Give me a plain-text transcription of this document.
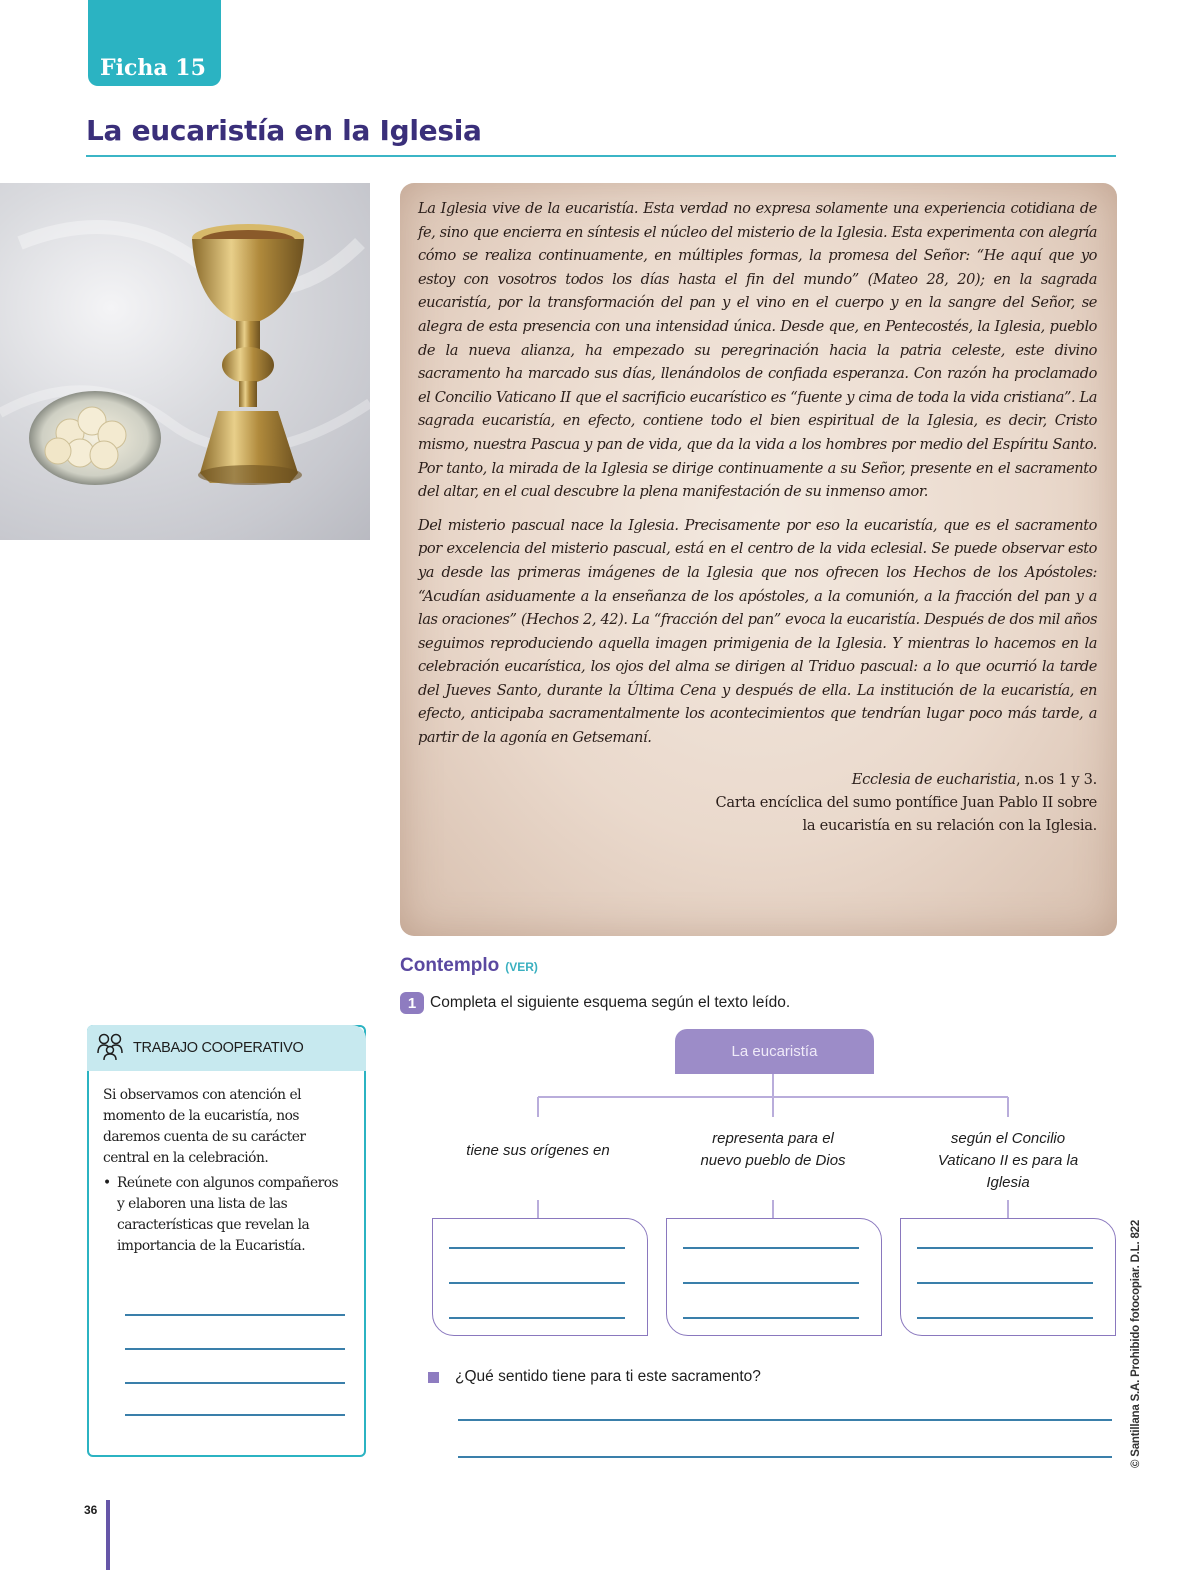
Ficha 15
La eucaristía en la Iglesia

La Iglesia vive de la eucaristía. Esta verdad no expresa solamente una experiencia cotidiana de fe, sino que encierra en síntesis el núcleo del misterio de la Iglesia. Esta experimenta con alegría cómo se realiza continuamente, en múltiples formas, la promesa del Señor: “He aquí que yo estoy con vosotros todos los días hasta el fin del mundo” (Mateo 28, 20); en la sagrada eucaristía, por la transformación del pan y el vino en el cuerpo y en la sangre del Señor, se alegra de esta presencia con una intensidad única. Desde que, en Pentecostés, la Iglesia, pueblo de la nueva alianza, ha empezado su peregrinación hacia la patria celeste, este divino sacramento ha marcado sus días, llenándolos de confiada esperanza. Con razón ha proclamado el Concilio Vaticano II que el sacrificio eucarístico es “fuente y cima de toda la vida cristiana”. La sagrada eucaristía, en efecto, contiene todo el bien espiritual de la Iglesia, es decir, Cristo mismo, nuestra Pascua y pan de vida, que da la vida a los hombres por medio del Espíritu Santo. Por tanto, la mirada de la Iglesia se dirige continuamente a su Señor, presente en el sacramento del altar, en el cual descubre la plena manifestación de su inmenso amor.

Del misterio pascual nace la Iglesia. Precisamente por eso la eucaristía, que es el sacramento por excelencia del misterio pascual, está en el centro de la vida eclesial. Se puede observar esto ya desde las primeras imágenes de la Iglesia que nos ofrecen los Hechos de los Apóstoles: “Acudían asiduamente a la enseñanza de los apóstoles, a la comunión, a la fracción del pan y a las oraciones” (Hechos 2, 42). La “fracción del pan” evoca la eucaristía. Después de dos mil años seguimos reproduciendo aquella imagen primigenia de la Iglesia. Y mientras lo hacemos en la celebración eucarística, los ojos del alma se dirigen al Triduo pascual: a lo que ocurrió la tarde del Jueves Santo, durante la Última Cena y después de ella. La institución de la eucaristía, en efecto, anticipaba sacramentalmente los acontecimientos que tendrían lugar poco más tarde, a partir de la agonía en Getsemaní.

Ecclesia de eucharistia, n.os 1 y 3.
Carta encíclica del sumo pontífice Juan Pablo II sobre
la eucaristía en su relación con la Iglesia.
Contemplo (VER)
1 Completa el siguiente esquema según el texto leído.
La eucaristía
tiene sus orígenes en
representa para el nuevo pueblo de Dios
según el Concilio Vaticano II es para la Iglesia
¿Qué sentido tiene para ti este sacramento?
TRABAJO COOPERATIVO

Si observamos con atención el momento de la eucaristía, nos daremos cuenta de su carácter central en la celebración.

• Reúnete con algunos compañeros y elaboren una lista de las características que revelan la importancia de la Eucaristía.
36
© Santillana S.A. Prohibido fotocopiar. D.L. 822
